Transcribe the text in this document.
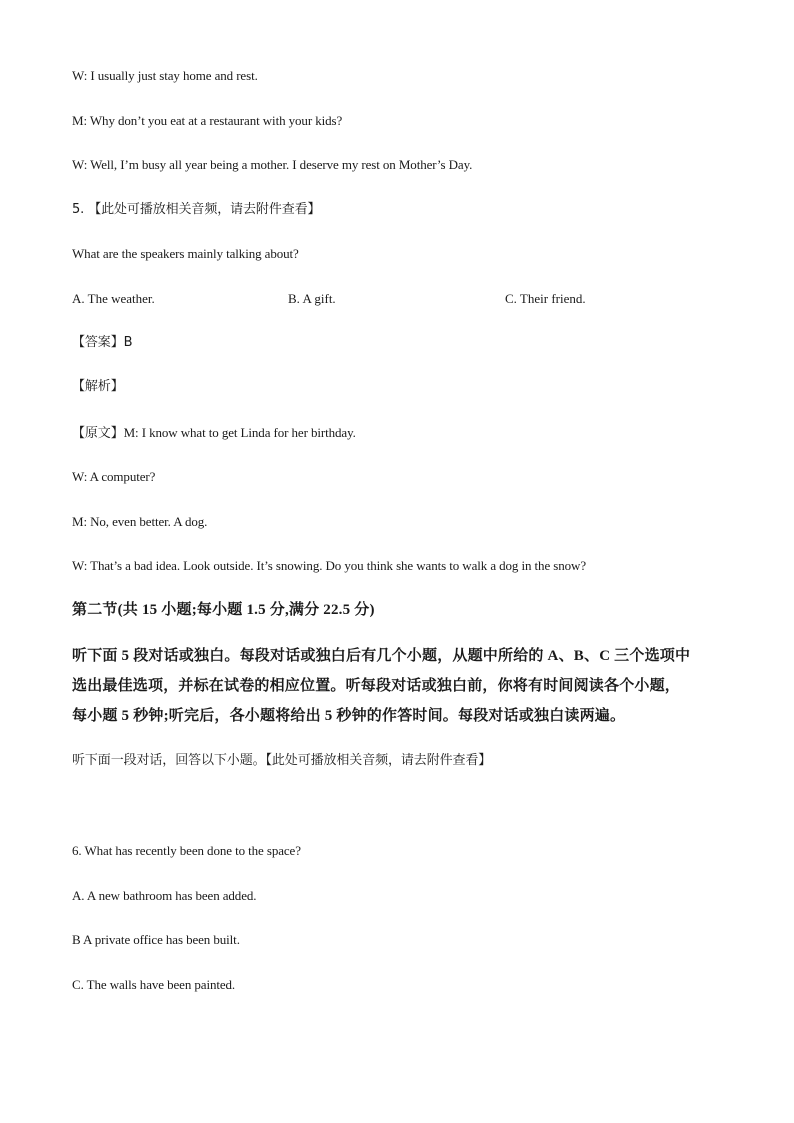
W: I usually just stay home and rest.
M: Why don’t you eat at a restaurant with your kids?
W: Well, I’m busy all year being a mother. I deserve my rest on Mother’s Day.
5. 【此处可播放相关音频，请去附件查看】
What are the speakers mainly talking about?
A. The weather.	B. A gift.	C. Their friend.
【答案】B
【解析】
【原文】M: I know what to get Linda for her birthday.
W: A computer?
M: No, even better. A dog.
W: That’s a bad idea. Look outside. It’s snowing. Do you think she wants to walk a dog in the snow?
第二节(共 15 小题;每小题 1.5 分,满分 22.5 分)
听下面 5 段对话或独白。每段对话或独白后有几个小题，从题中所给的 A、B、C 三个选项中
选出最佳选项，并标在试卷的相应位置。听每段对话或独白前，你将有时间阅读各个小题，
每小题 5 秒钟;听完后，各小题将给出 5 秒钟的作答时间。每段对话或独白读两遍。
听下面一段对话，回答以下小题。【此处可播放相关音频，请去附件查看】
6. What has recently been done to the space?
A. A new bathroom has been added.
B A private office has been built.
C. The walls have been painted.
